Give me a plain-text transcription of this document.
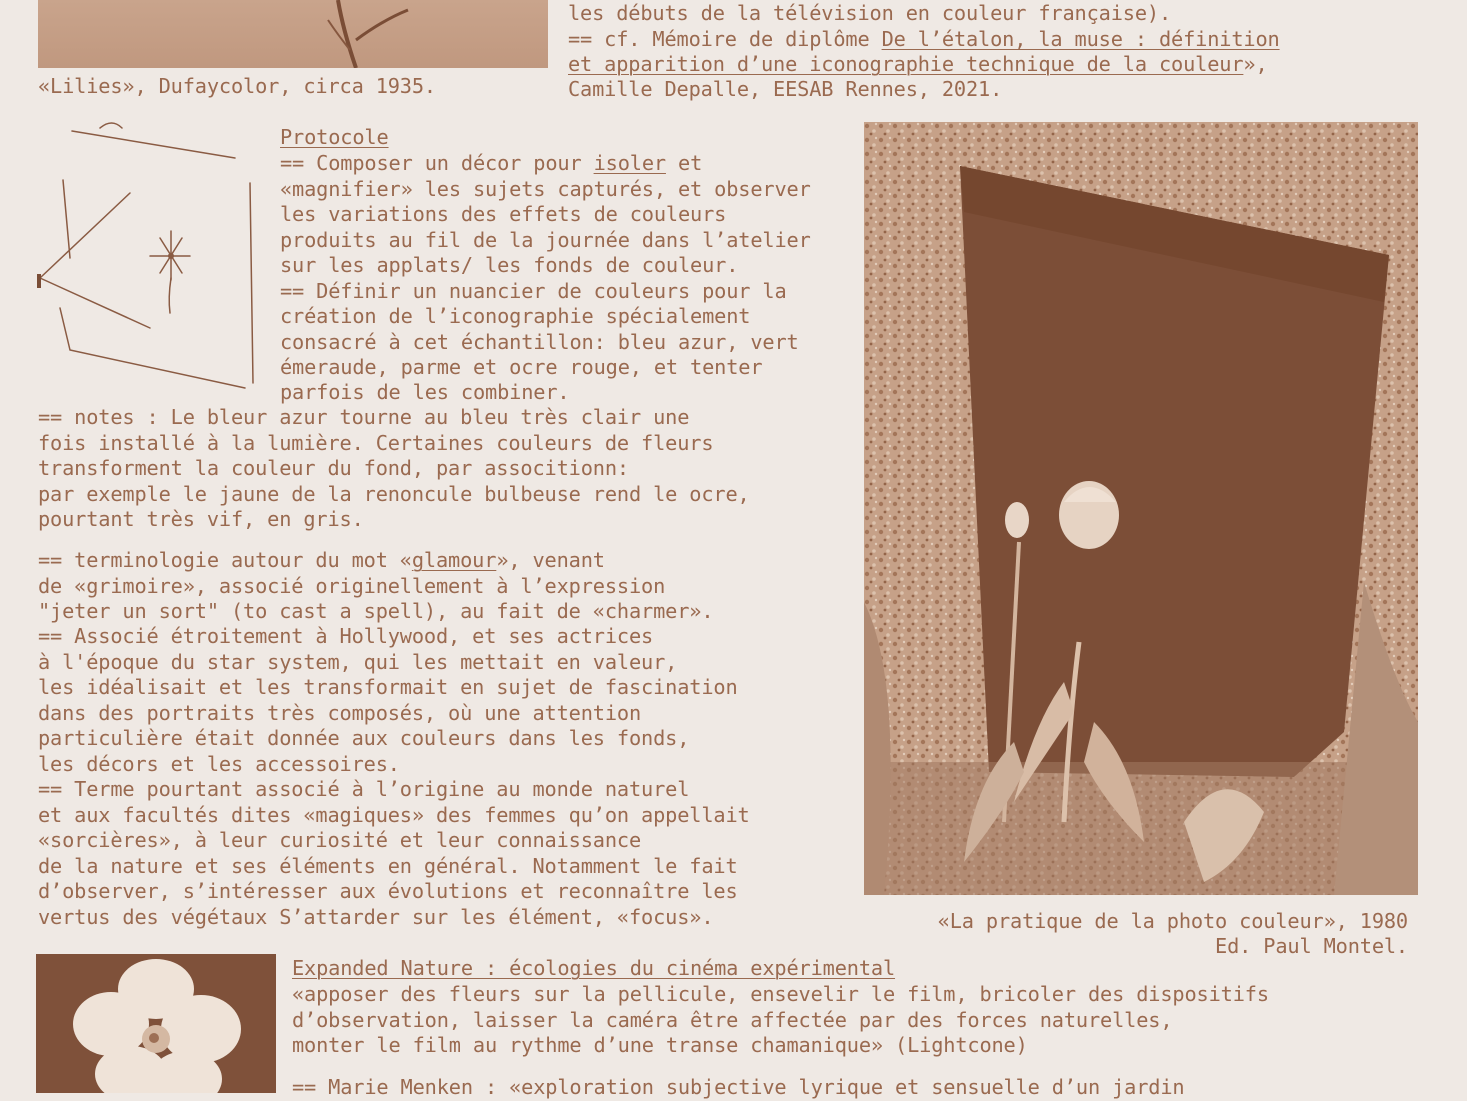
«Lilies», Dufaycolor, circa 1935.
les débuts de la télévision en couleur française).
== cf. Mémoire de diplôme De l’étalon, la muse : définition
et apparition d’une iconographie technique de la couleur»,
Camille Depalle, EESAB Rennes, 2021.
Protocole
== Composer un décor pour isoler et
«magnifier» les sujets capturés, et observer
les variations des effets de couleurs
produits au fil de la journée dans l’atelier
sur les applats/ les fonds de couleur.
== Définir un nuancier de couleurs pour la
création de l’iconographie spécialement
consacré à cet échantillon: bleu azur, vert
émeraude, parme et ocre rouge, et tenter
parfois de les combiner.
== notes : Le bleur azur tourne au bleu très clair une
fois installé à la lumière. Certaines couleurs de fleurs
transforment la couleur du fond, par associtionn:
par exemple le jaune de la renoncule bulbeuse rend le ocre,
pourtant très vif, en gris.
== terminologie autour du mot «glamour», venant
de «grimoire», associé originellement à l’expression
"jeter un sort" (to cast a spell), au fait de «charmer».
== Associé étroitement à Hollywood, et ses actrices
à l'époque du star system, qui les mettait en valeur,
les idéalisait et les transformait en sujet de fascination
dans des portraits très composés, où une attention
particulière était donnée aux couleurs dans les fonds,
les décors et les accessoires.
== Terme pourtant associé à l’origine au monde naturel
et aux facultés dites «magiques» des femmes qu’on appellait
«sorcières», à leur curiosité et leur connaissance
de la nature et ses éléments en général. Notamment le fait
d’observer, s’intéresser aux évolutions et reconnaître les
vertus des végétaux S’attarder sur les élément, «focus».	«La pratique de la photo couleur», 1980
Ed. Paul Montel.
Expanded Nature : écologies du cinéma expérimental
«apposer des fleurs sur la pellicule, ensevelir le film, bricoler des dispositifs
d’observation, laisser la caméra être affectée par des forces naturelles,
monter le film au rythme d’une transe chamanique» (Lightcone)
== Marie Menken : «exploration subjective lyrique et sensuelle d’un jardin
